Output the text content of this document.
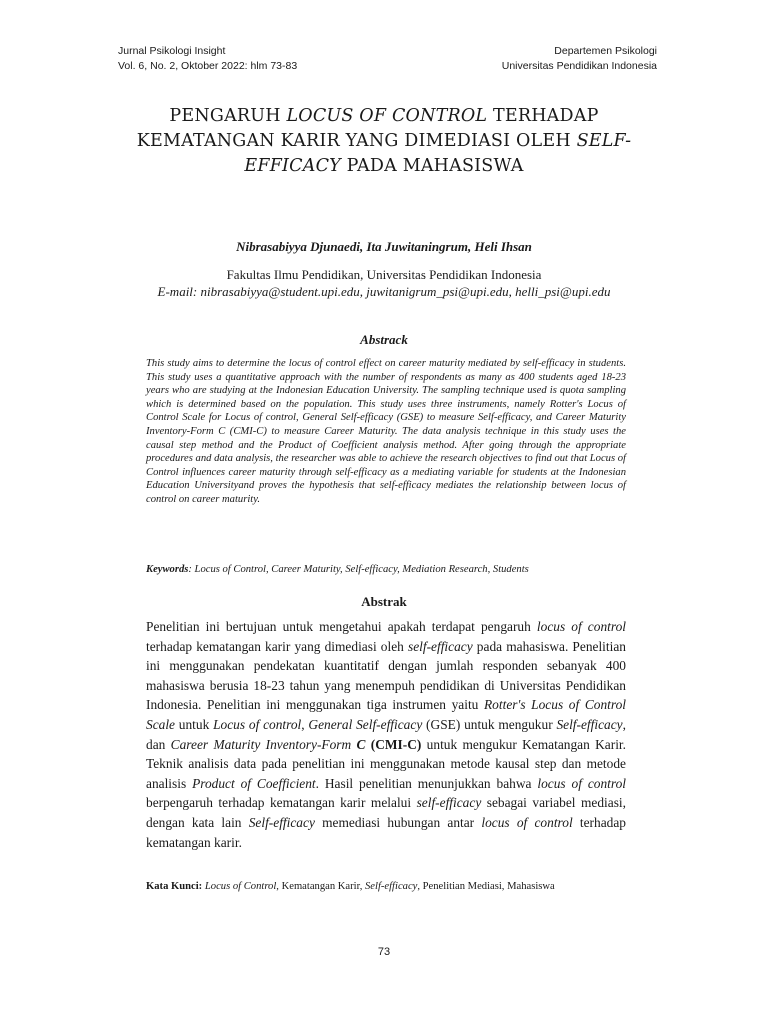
Jurnal Psikologi Insight
Vol. 6, No. 2, Oktober 2022: hlm 73-83
Departemen Psikologi
Universitas Pendidikan Indonesia
PENGARUH LOCUS OF CONTROL TERHADAP KEMATANGAN KARIR YANG DIMEDIASI OLEH SELF-EFFICACY PADA MAHASISWA
Nibrasabiyya Djunaedi, Ita Juwitaningrum, Heli Ihsan
Fakultas Ilmu Pendidikan, Universitas Pendidikan Indonesia
E-mail: nibrasabiyya@student.upi.edu, juwitanigrum_psi@upi.edu, helli_psi@upi.edu
Abstrack
This study aims to determine the locus of control effect on career maturity mediated by self-efficacy in students. This study uses a quantitative approach with the number of respondents as many as 400 students aged 18-23 years who are studying at the Indonesian Education University. The sampling technique used is quota sampling which is determined based on the population. This study uses three instruments, namely Rotter's Locus of Control Scale for Locus of control, General Self-efficacy (GSE) to measure Self-efficacy, and Career Maturity Inventory-Form C (CMI-C) to measure Career Maturity. The data analysis technique in this study uses the causal step method and the Product of Coefficient analysis method. After going through the appropriate procedures and data analysis, the researcher was able to achieve the research objectives to find out that Locus of Control influences career maturity through self-efficacy as a mediating variable for students at the Indonesian Education Universityand proves the hypothesis that self-efficacy mediates the relationship between locus of control on career maturity.
Keywords: Locus of Control, Career Maturity, Self-efficacy, Mediation Research, Students
Abstrak
Penelitian ini bertujuan untuk mengetahui apakah terdapat pengaruh locus of control terhadap kematangan karir yang dimediasi oleh self-efficacy pada mahasiswa. Penelitian ini menggunakan pendekatan kuantitatif dengan jumlah responden sebanyak 400 mahasiswa berusia 18-23 tahun yang menempuh pendidikan di Universitas Pendidikan Indonesia. Penelitian ini menggunakan tiga instrumen yaitu Rotter's Locus of Control Scale untuk Locus of control, General Self-efficacy (GSE) untuk mengukur Self-efficacy, dan Career Maturity Inventory-Form C (CMI-C) untuk mengukur Kematangan Karir. Teknik analisis data pada penelitian ini menggunakan metode kausal step dan metode analisis Product of Coefficient. Hasil penelitian menunjukkan bahwa locus of control berpengaruh terhadap kematangan karir melalui self-efficacy sebagai variabel mediasi, dengan kata lain Self-efficacy memediasi hubungan antar locus of control terhadap kematangan karir.
Kata Kunci: Locus of Control, Kematangan Karir, Self-efficacy, Penelitian Mediasi, Mahasiswa
73
